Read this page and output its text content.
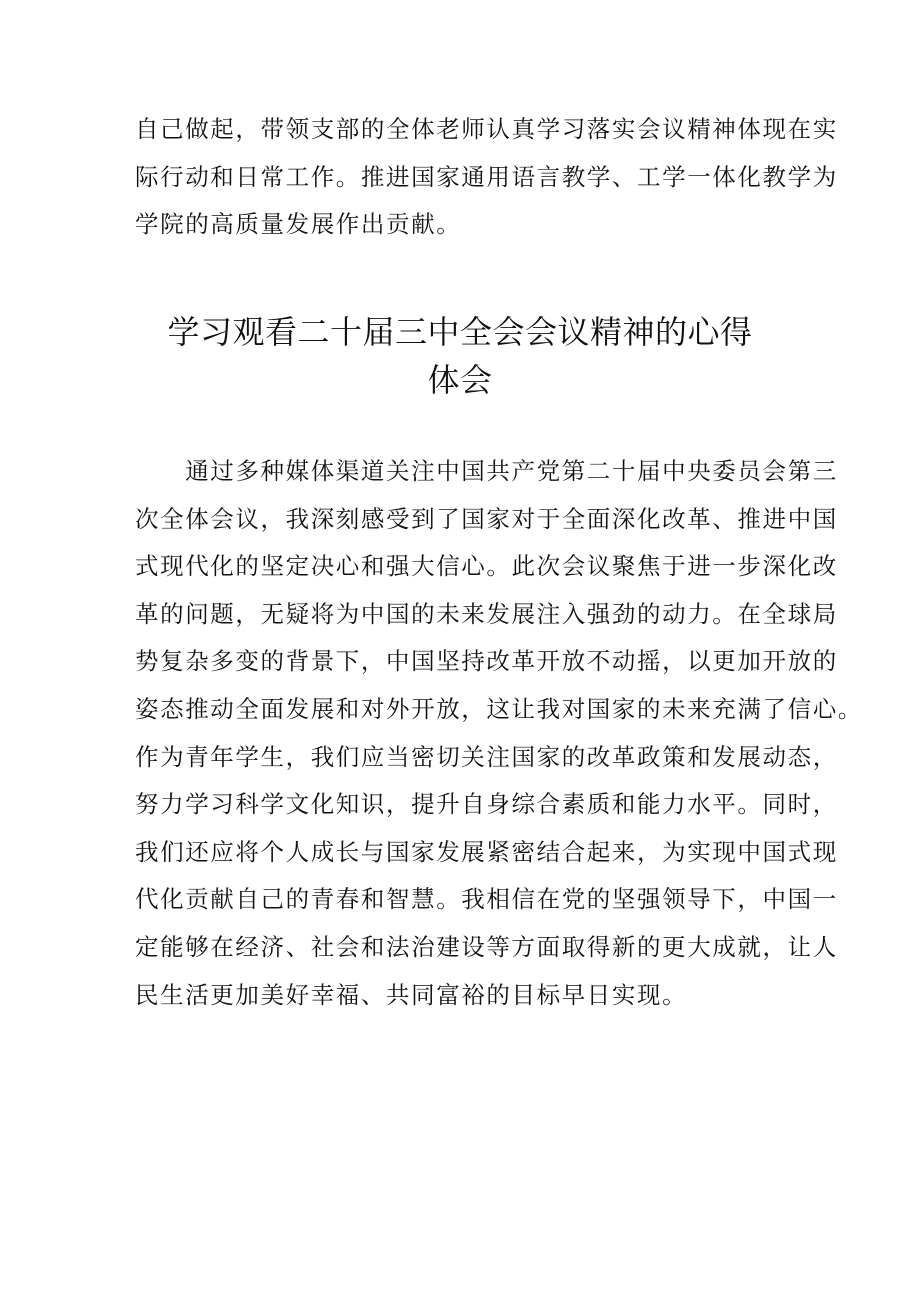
自己做起，带领支部的全体老师认真学习落实会议精神体现在实
际行动和日常工作。推进国家通用语言教学、工学一体化教学为
学院的高质量发展作出贡献。

学习观看二十届三中全会会议精神的心得
体会

　　通过多种媒体渠道关注中国共产党第二十届中央委员会第三
次全体会议，我深刻感受到了国家对于全面深化改革、推进中国
式现代化的坚定决心和强大信心。此次会议聚焦于进一步深化改
革的问题，无疑将为中国的未来发展注入强劲的动力。在全球局
势复杂多变的背景下，中国坚持改革开放不动摇，以更加开放的
姿态推动全面发展和对外开放，这让我对国家的未来充满了信心。
作为青年学生，我们应当密切关注国家的改革政策和发展动态，
努力学习科学文化知识，提升自身综合素质和能力水平。同时，
我们还应将个人成长与国家发展紧密结合起来，为实现中国式现
代化贡献自己的青春和智慧。我相信在党的坚强领导下，中国一
定能够在经济、社会和法治建设等方面取得新的更大成就，让人
民生活更加美好幸福、共同富裕的目标早日实现。
